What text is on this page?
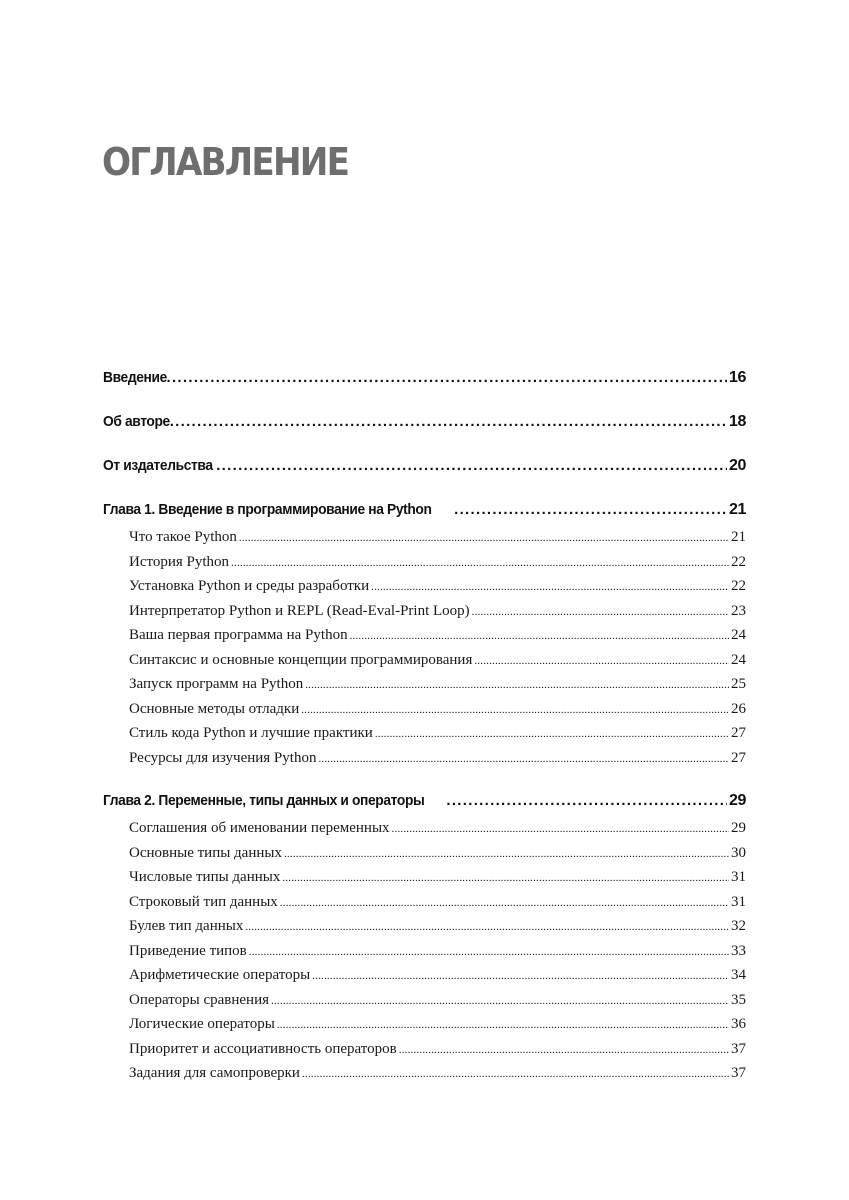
ОГЛАВЛЕНИЕ
Введение .....	16
Об авторе .....	18
От издательства .....	20
Глава 1. Введение в программирование на Python .....	21
Что такое Python .....	21
История Python .....	22
Установка Python и среды разработки .....	22
Интерпретатор Python и REPL (Read-Eval-Print Loop) .....	23
Ваша первая программа на Python .....	24
Синтаксис и основные концепции программирования .....	24
Запуск программ на Python .....	25
Основные методы отладки .....	26
Стиль кода Python и лучшие практики .....	27
Ресурсы для изучения Python .....	27
Глава 2. Переменные, типы данных и операторы .....	29
Соглашения об именовании переменных .....	29
Основные типы данных .....	30
Числовые типы данных .....	31
Строковый тип данных .....	31
Булев тип данных .....	32
Приведение типов .....	33
Арифметические операторы .....	34
Операторы сравнения .....	35
Логические операторы .....	36
Приоритет и ассоциативность операторов .....	37
Задания для самопроверки .....	37
